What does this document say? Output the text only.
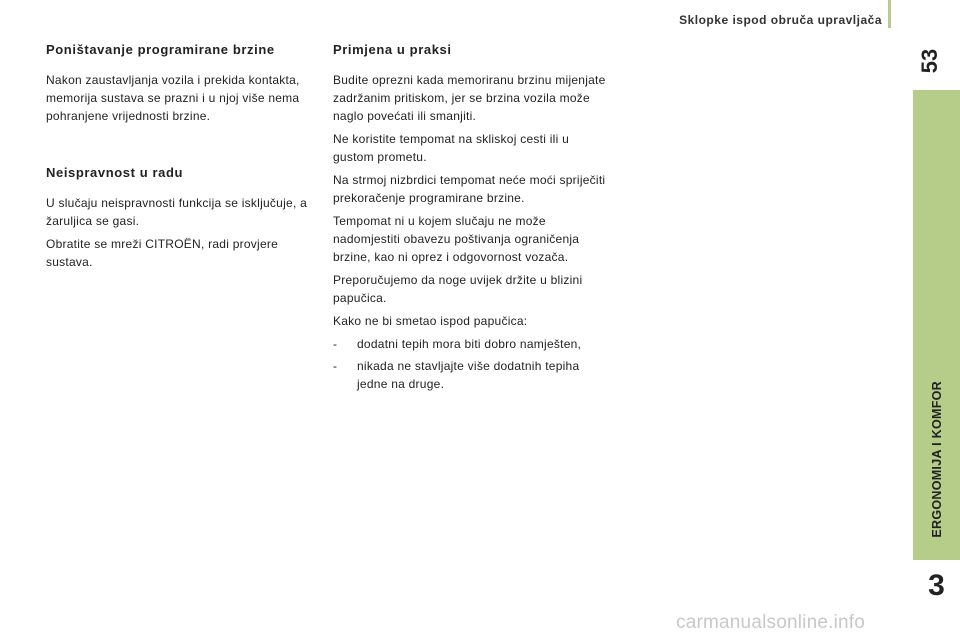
Sklopke ispod obruča upravljača
53
ERGONOMIJA I KOMFOR
3
Poništavanje programirane brzine

Nakon zaustavljanja vozila i prekida kontakta, memorija sustava se prazni i u njoj više nema pohranjene vrijednosti brzine.

Neispravnost u radu

U slučaju neispravnosti funkcija se isključuje, a žaruljica se gasi.

Obratite se mreži CITROËN, radi provjere sustava.

Primjena u praksi

Budite oprezni kada memoriranu brzinu mijenjate zadržanim pritiskom, jer se brzina vozila može naglo povećati ili smanjiti.

Ne koristite tempomat na skliskoj cesti ili u gustom prometu.

Na strmoj nizbrdici tempomat neće moći spriječiti prekoračenje programirane brzine.

Tempomat ni u kojem slučaju ne može nadomjestiti obavezu poštivanja ograničenja brzine, kao ni oprez i odgovornost vozača.

Preporučujemo da noge uvijek držite u blizini papučica.

Kako ne bi smetao ispod papučica:

- dodatni tepih mora biti dobro namješten,
- nikada ne stavljajte više dodatnih tepiha jedne na druge.
carmanualsonline.info
